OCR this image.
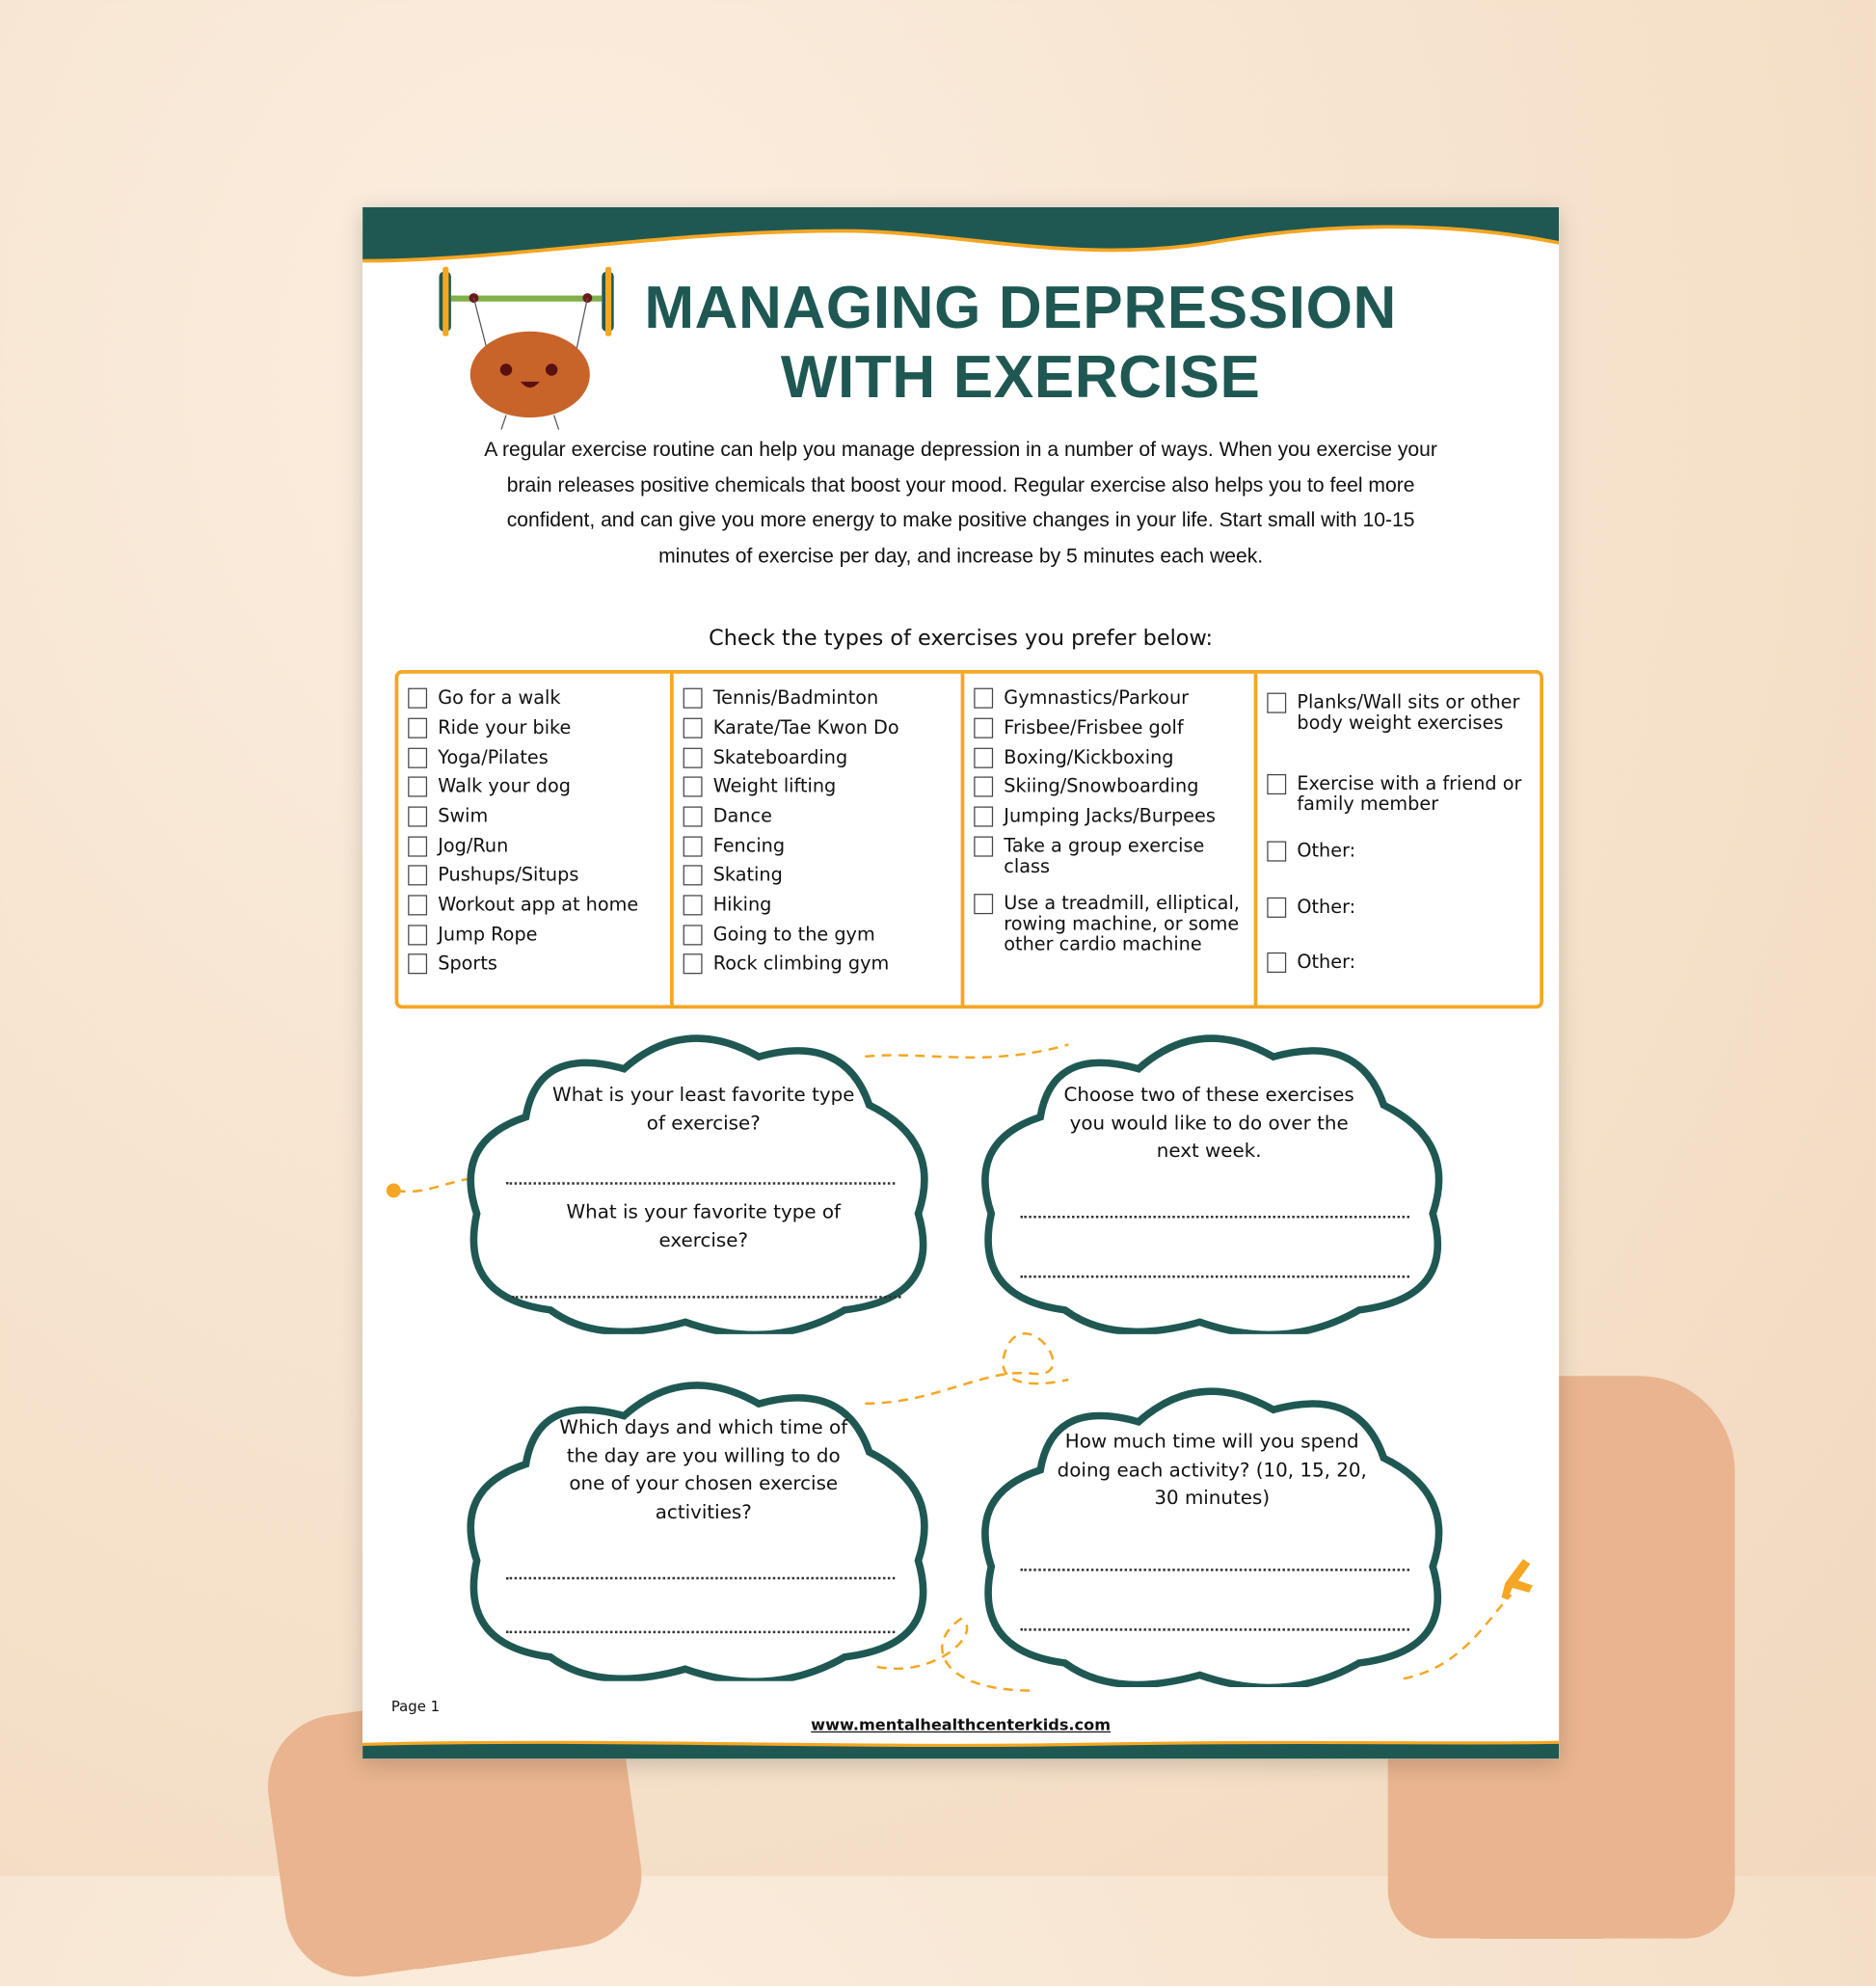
MANAGING DEPRESSION
WITH EXERCISE
A regular exercise routine can help you manage depression in a number of ways. When you exercise your brain releases positive chemicals that boost your mood. Regular exercise also helps you to feel more confident, and can give you more energy to make positive changes in your life. Start small with 10-15 minutes of exercise per day, and increase by 5 minutes each week.
Check the types of exercises you prefer below:
Go for a walk
Ride your bike
Yoga/Pilates
Walk your dog
Swim
Jog/Run
Pushups/Situps
Workout app at home
Jump Rope
Sports
Tennis/Badminton
Karate/Tae Kwon Do
Skateboarding
Weight lifting
Dance
Fencing
Skating
Hiking
Going to the gym
Rock climbing gym
Gymnastics/Parkour
Frisbee/Frisbee golf
Boxing/Kickboxing
Skiing/Snowboarding
Jumping Jacks/Burpees
Take a group exercise class
Use a treadmill, elliptical, rowing machine, or some other cardio machine
Planks/Wall sits or other body weight exercises
Exercise with a friend or family member
Other:
Other:
Other:
What is your least favorite type of exercise?
What is your favorite type of exercise?
Choose two of these exercises you would like to do over the next week.
Which days and which time of the day are you willing to do one of your chosen exercise activities?
How much time will you spend doing each activity? (10, 15, 20, 30 minutes)
Page 1
www.mentalhealthcenterkids.com
